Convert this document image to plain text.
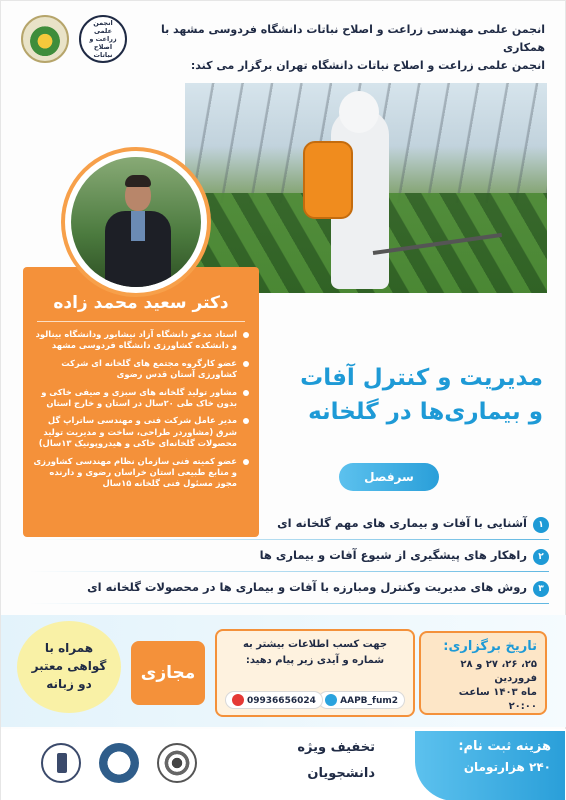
انجمن علمی مهندسی زراعت و اصلاح نباتات دانشگاه فردوسی مشهد با همکاری
انجمن علمی زراعت و اصلاح نباتات دانشگاه تهران برگزار می کند:
انجمن علمی زراعت و اصلاح نباتات
دکتر سعید محمد زاده
استاد مدعو دانشگاه آزاد نیشابور ودانشگاه بینالود و دانشکده کشاورزی دانشگاه فردوسی مشهد
عضو کارگروه مجتمع های گلخانه ای شرکت کشاورزی آستان قدس رضوی
مشاور تولید گلخانه های سبزی و صیفی خاکی و بدون خاک طی ۲۰سال در استان و خارج استان
مدیر عامل شرکت فنی و مهندسی ساتراپ گل شرق (مشاوردر طراحی، ساخت و مدیریت تولید محصولات گلخانه‌ای خاکی و هیدروپونیک ۱۳سال)
عضو کمیته فنی سازمان نظام مهندسی کشاورزی و منابع طبیعی استان خراسان رضوی و دارنده مجوز مسئول فنی گلخانه ۱۵سال
مدیریت و کنترل آفات
و بیماری‌ها در گلخانه
سرفصل
۱
آشنایی با آفات و بیماری های مهم گلخانه ای
۲
راهکار های پیشگیری از شیوع آفات و بیماری ها
۳
روش های مدیریت وکنترل ومبارزه با آفات و بیماری ها در محصولات گلخانه ای
تاریخ برگزاری:
۲۵، ۲۶، ۲۷ و ۲۸ فروردین
ماه ۱۴۰۳ ساعت ۲۰:۰۰
جهت کسب اطلاعات بیشتر به
شماره و آیدی زیر پیام دهید:
AAPB_fum2
09936656024
مجازی
همراه با
گواهی معتبر
دو زبانه
هزینه ثبت نام:
۲۴۰ هزارتومان
تخفیف ویژه
دانشجویان
